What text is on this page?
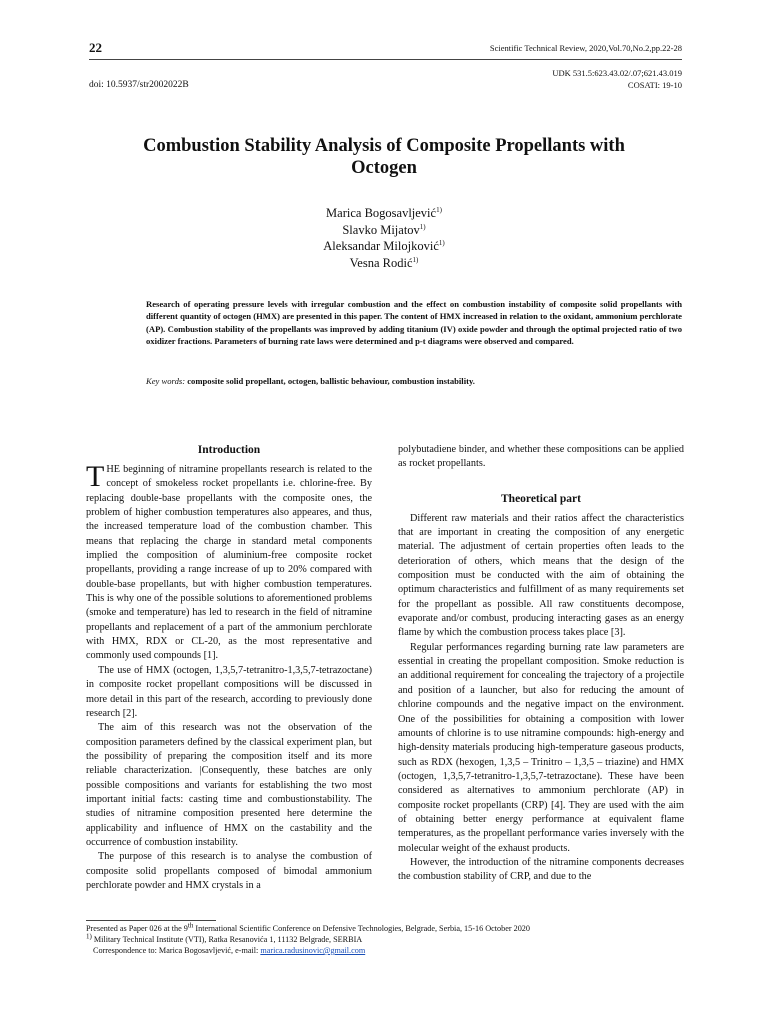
22	Scientific Technical Review, 2020,Vol.70,No.2,pp.22-28
UDK 531.5:623.43.02/.07;621.43.019
COSATI: 19-10
doi: 10.5937/str2002022B
Combustion Stability Analysis of Composite Propellants with Octogen
Marica Bogosavljević$^{1)}$
Slavko Mijatov$^{1)}$
Aleksandar Milojković$^{1)}$
Vesna Rodić$^{1)}$
Research of operating pressure levels with irregular combustion and the effect on combustion instability of composite solid propellants with different quantity of octogen (HMX) are presented in this paper. The content of HMX increased in relation to the oxidant, ammonium perchlorate (AP). Combustion stability of the propellants was improved by adding titanium (IV) oxide powder and through the optimal projected ratio of two oxidizer fractions. Parameters of burning rate laws were determined and p-t diagrams were observed and compared.
Key words: composite solid propellant, octogen, ballistic behaviour, combustion instability.
Introduction

THE beginning of nitramine propellants research is related to the concept of smokeless rocket propellants i.e. chlorine-free. By replacing double-base propellants with the composite ones, the problem of higher combustion temperatures also appeares, and thus, the increased temperature load of the combustion chamber. This means that replacing the charge in standard metal components implied the composition of aluminium-free composite rocket propellants, providing a range increase of up to 20% compared with double-base propellants, but with higher combustion temperatures. This is why one of the possible solutions to aforementioned problems (smoke and temperature) has led to research in the field of nitramine propellants and replacement of a part of the ammonium perchlorate with HMX, RDX or CL-20, as the most representative and commonly used compounds [1].

The use of HMX (octogen, 1,3,5,7-tetranitro-1,3,5,7-tetrazoctane) in composite rocket propellant compositions will be discussed in more detail in this part of the research, according to previously done research [2].

The aim of this research was not the observation of the composition parameters defined by the classical experiment plan, but the possibility of preparing the composition itself and its more reliable characterization. |Consequently, these batches are only possible compositions and variants for establishing the two most important initial facts: casting time and combustionstability. The studies of nitramine composition presented here determine the applicability and influence of HMX on the castability and the occurrence of combustion instability.

The purpose of this research is to analyse the combustion of composite solid propellants composed of bimodal ammonium perchlorate powder and HMX crystals in a

polybutadiene binder, and whether these compositions can be applied as rocket propellants.

Theoretical part

Different raw materials and their ratios affect the characteristics that are important in creating the composition of any energetic material. The adjustment of certain properties often leads to the deterioration of others, which means that the design of the composition must be conducted with the aim of obtaining the optimum characteristics and fulfillment of as many requirements set for the propellant as possible. All raw constituents decompose, evaporate and/or combust, producing interacting gases as an energy flame by which the combustion process takes place [3].

Regular performances regarding burning rate law parameters are essential in creating the propellant composition. Smoke reduction is an additional requirement for concealing the trajectory of a projectile and position of a launcher, but also for reducing the amount of chlorine compounds and the negative impact on the environment. One of the possibilities for obtaining a composition with lower amounts of chlorine is to use nitramine compounds: high-energy and high-density materials producing high-temperature gaseous products, such as RDX (hexogen, 1,3,5 – Trinitro – 1,3,5 – triazine) and HMX (octogen, 1,3,5,7-tetranitro-1,3,5,7-tetrazoctane). These have been considered as alternatives to ammonium perchlorate (AP) in composite rocket propellants (CRP) [4]. They are used with the aim of obtaining better energy performance at equivalent flame temperatures, as the propellant performance varies inversely with the molecular weight of the exhaust products.

However, the introduction of the nitramine components decreases the combustion stability of CRP, and due to the

Presented as Paper 026 at the 9th International Scientific Conference on Defensive Technologies, Belgrade, Serbia, 15-16 October 2020
$^{1)}$ Military Technical Institute (VTI), Ratka Resanovića 1, 11132 Belgrade, SERBIA
Correspondence to: Marica Bogosavljević, e-mail: marica.radusinovic@gmail.com
